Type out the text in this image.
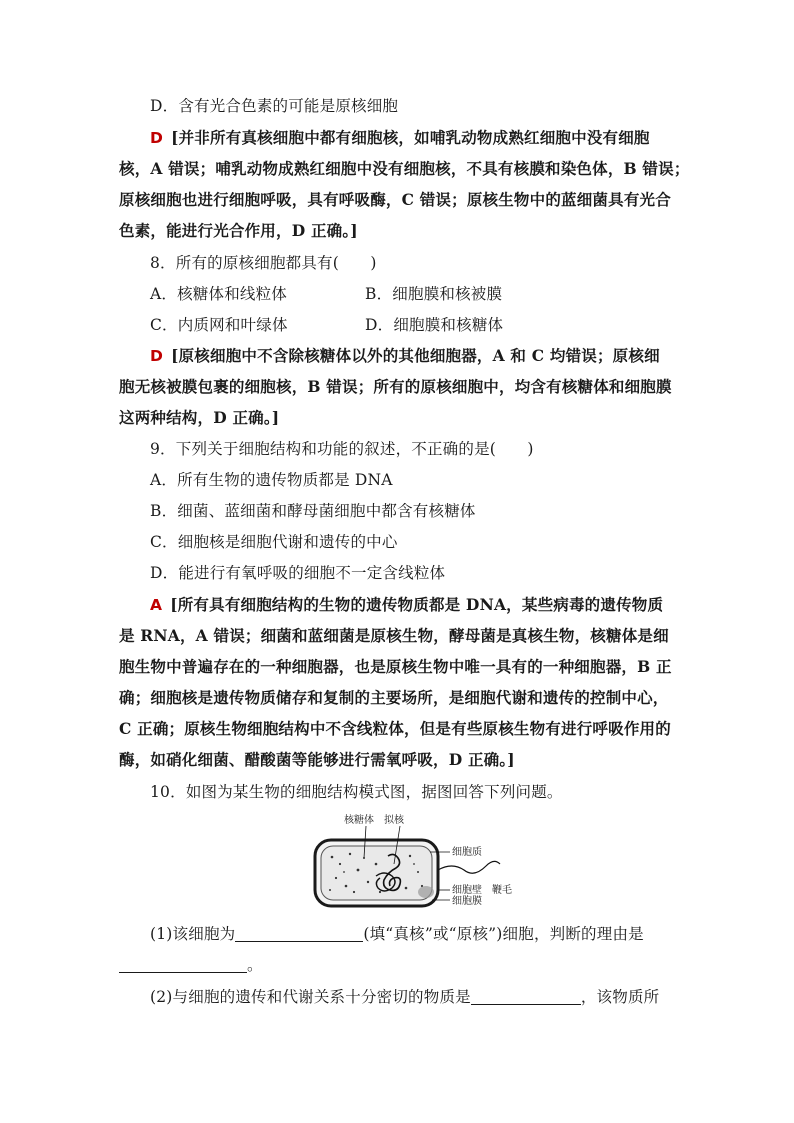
D．含有光合色素的可能是原核细胞
D [并非所有真核细胞中都有细胞核，如哺乳动物成熟红细胞中没有细胞
核，A 错误；哺乳动物成熟红细胞中没有细胞核，不具有核膜和染色体，B 错误；
原核细胞也进行细胞呼吸，具有呼吸酶，C 错误；原核生物中的蓝细菌具有光合
色素，能进行光合作用，D 正确。]
8．所有的原核细胞都具有(　　)
A．核糖体和线粒体	B．细胞膜和核被膜
C．内质网和叶绿体	D．细胞膜和核糖体
D [原核细胞中不含除核糖体以外的其他细胞器，A 和 C 均错误；原核细
胞无核被膜包裹的细胞核，B 错误；所有的原核细胞中，均含有核糖体和细胞膜
这两种结构，D 正确。]
9．下列关于细胞结构和功能的叙述，不正确的是(　　)
A．所有生物的遗传物质都是 DNA
B．细菌、蓝细菌和酵母菌细胞中都含有核糖体
C．细胞核是细胞代谢和遗传的中心
D．能进行有氧呼吸的细胞不一定含线粒体
A [所有具有细胞结构的生物的遗传物质都是 DNA，某些病毒的遗传物质
是 RNA，A 错误；细菌和蓝细菌是原核生物，酵母菌是真核生物，核糖体是细
胞生物中普遍存在的一种细胞器，也是原核生物中唯一具有的一种细胞器，B 正
确；细胞核是遗传物质储存和复制的主要场所，是细胞代谢和遗传的控制中心，
C 正确；原核生物细胞结构中不含线粒体，但是有些原核生物有进行呼吸作用的
酶，如硝化细菌、醋酸菌等能够进行需氧呼吸，D 正确。]
10．如图为某生物的细胞结构模式图，据图回答下列问题。
核糖体 拟核
细胞质
细胞壁 鞭毛
细胞膜
(1)该细胞为	(填“真核”或“原核”)细胞，判断的理由是
。
(2)与细胞的遗传和代谢关系十分密切的物质是	，该物质所
